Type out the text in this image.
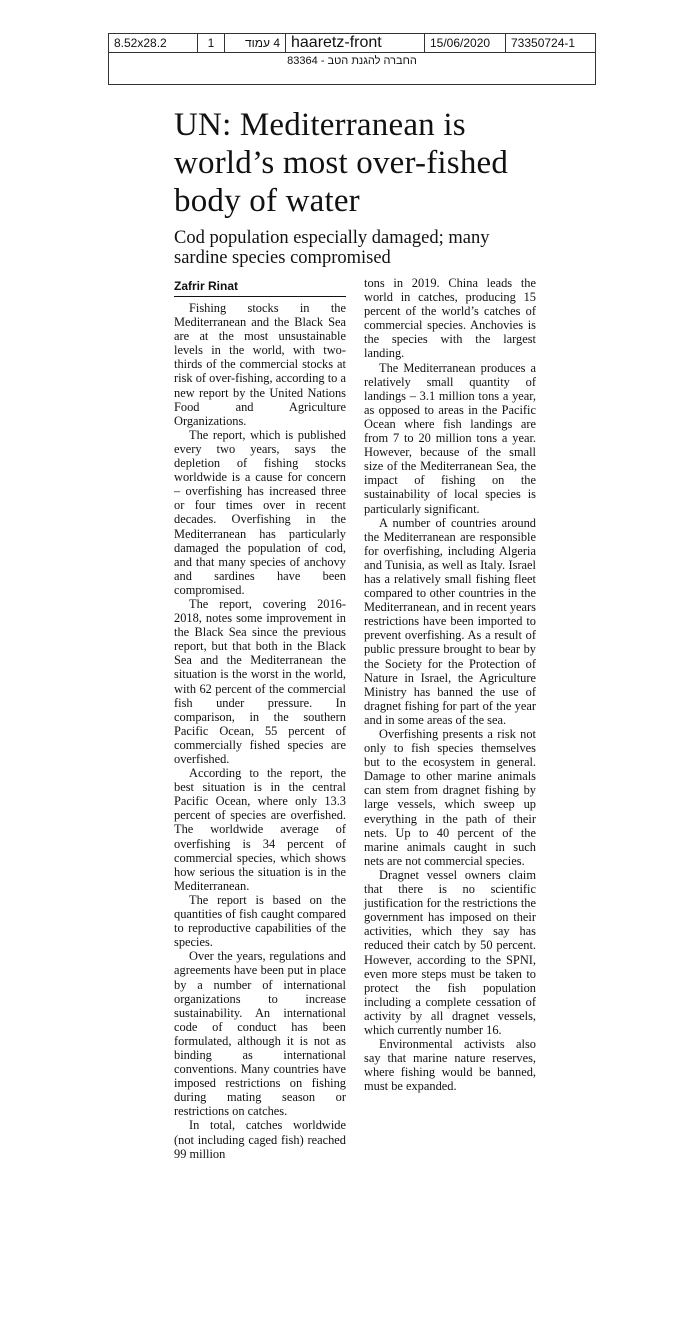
8.52x28.2	1	4 עמוד haaretz-front	15/06/2020	73350724-1
החברה להגנת הטב - 83364
UN: Mediterranean is world’s most over-fished body of water
Cod population especially damaged; many sardine species compromised
Zafrir Rinat

Fishing stocks in the Mediterranean and the Black Sea are at the most unsustainable levels in the world, with two-thirds of the commercial stocks at risk of over-fishing, according to a new report by the United Nations Food and Agriculture Organizations.

The report, which is published every two years, says the depletion of fishing stocks worldwide is a cause for concern – overfishing has increased three or four times over in recent decades. Overfishing in the Mediterranean has particularly damaged the population of cod, and that many species of anchovy and sardines have been compromised.

The report, covering 2016-2018, notes some improvement in the Black Sea since the previous report, but that both in the Black Sea and the Mediterranean the situation is the worst in the world, with 62 percent of the commercial fish under pressure. In comparison, in the southern Pacific Ocean, 55 percent of commercially fished species are overfished.

According to the report, the best situation is in the central Pacific Ocean, where only 13.3 percent of species are overfished. The worldwide average of overfishing is 34 percent of commercial species, which shows how serious the situation is in the Mediterranean.

The report is based on the quantities of fish caught compared to reproductive capabilities of the species.

Over the years, regulations and agreements have been put in place by a number of international organizations to increase sustainability. An international code of conduct has been formulated, although it is not as binding as international conventions. Many countries have imposed restrictions on fishing during mating season or restrictions on catches.

In total, catches worldwide (not including caged fish) reached 99 million

tons in 2019. China leads the world in catches, producing 15 percent of the world’s catches of commercial species. Anchovies is the species with the largest landing.

The Mediterranean produces a relatively small quantity of landings – 3.1 million tons a year, as opposed to areas in the Pacific Ocean where fish landings are from 7 to 20 million tons a year. However, because of the small size of the Mediterranean Sea, the impact of fishing on the sustainability of local species is particularly significant.

A number of countries around the Mediterranean are responsible for overfishing, including Algeria and Tunisia, as well as Italy. Israel has a relatively small fishing fleet compared to other countries in the Mediterranean, and in recent years restrictions have been imported to prevent overfishing. As a result of public pressure brought to bear by the Society for the Protection of Nature in Israel, the Agriculture Ministry has banned the use of dragnet fishing for part of the year and in some areas of the sea.

Overfishing presents a risk not only to fish species themselves but to the ecosystem in general. Damage to other marine animals can stem from dragnet fishing by large vessels, which sweep up everything in the path of their nets. Up to 40 percent of the marine animals caught in such nets are not commercial species.

Dragnet vessel owners claim that there is no scientific justification for the restrictions the government has imposed on their activities, which they say has reduced their catch by 50 percent. However, according to the SPNI, even more steps must be taken to protect the fish population including a complete cessation of activity by all dragnet vessels, which currently number 16.

Environmental activists also say that marine nature reserves, where fishing would be banned, must be expanded.
